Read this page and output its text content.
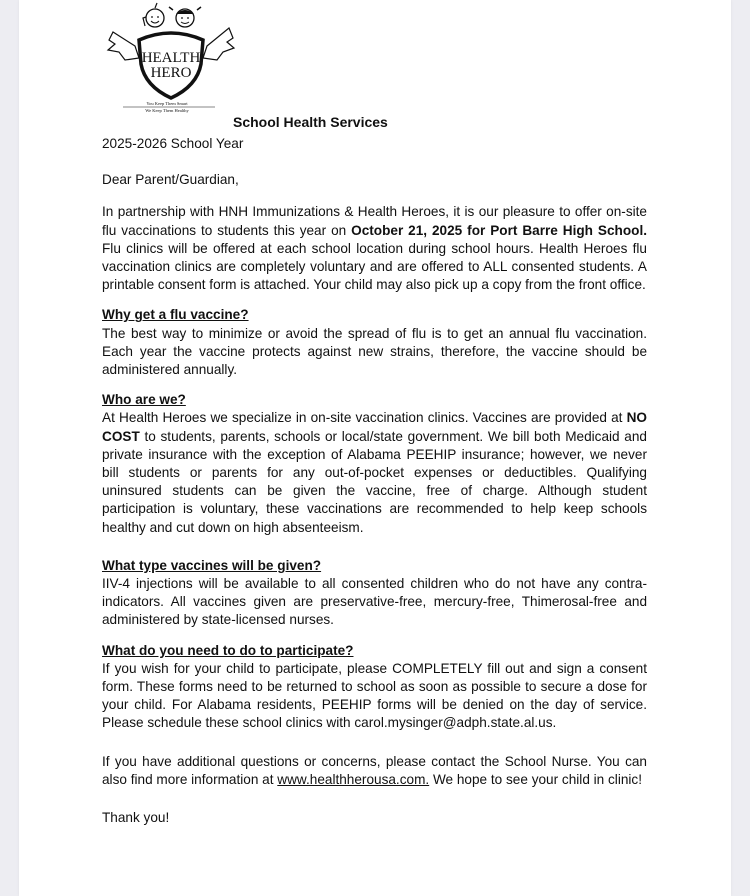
HEALTH
HERO
You Keep Them Smart
We Keep Them Healthy
School Health Services

2025-2026 School Year

Dear Parent/Guardian,

In partnership with HNH Immunizations & Health Heroes, it is our pleasure to offer on-site flu vaccinations to students this year on October 21, 2025 for Port Barre High School. Flu clinics will be offered at each school location during school hours. Health Heroes flu vaccination clinics are completely voluntary and are offered to ALL consented students. A printable consent form is attached. Your child may also pick up a copy from the front office.

Why get a flu vaccine?

The best way to minimize or avoid the spread of flu is to get an annual flu vaccination. Each year the vaccine protects against new strains, therefore, the vaccine should be administered annually.

Who are we?

At Health Heroes we specialize in on-site vaccination clinics. Vaccines are provided at NO COST to students, parents, schools or local/state government. We bill both Medicaid and private insurance with the exception of Alabama PEEHIP insurance; however, we never bill students or parents for any out-of-pocket expenses or deductibles. Qualifying uninsured students can be given the vaccine, free of charge. Although student participation is voluntary, these vaccinations are recommended to help keep schools healthy and cut down on high absenteeism.

What type vaccines will be given?

IIV-4 injections will be available to all consented children who do not have any contra-indicators. All vaccines given are preservative-free, mercury-free, Thimerosal-free and administered by state-licensed nurses.

What do you need to do to participate?

If you wish for your child to participate, please COMPLETELY fill out and sign a consent form. These forms need to be returned to school as soon as possible to secure a dose for your child. For Alabama residents, PEEHIP forms will be denied on the day of service. Please schedule these school clinics with carol.mysinger@adph.state.al.us.

If you have additional questions or concerns, please contact the School Nurse. You can also find more information at www.healthherousa.com. We hope to see your child in clinic!

Thank you!
